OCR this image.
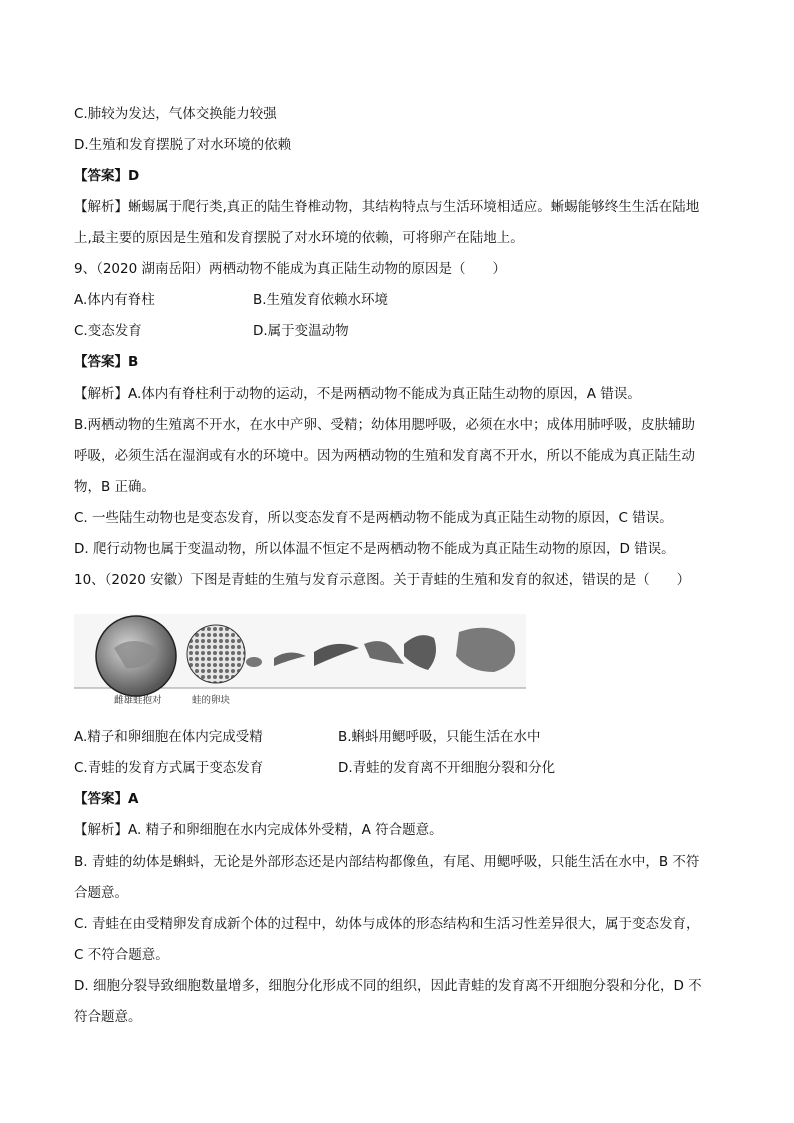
C.肺较为发达，气体交换能力较强
D.生殖和发育摆脱了对水环境的依赖
【答案】D
【解析】蜥蜴属于爬行类,真正的陆生脊椎动物，其结构特点与生活环境相适应。蜥蜴能够终生生活在陆地
上,最主要的原因是生殖和发育摆脱了对水环境的依赖，可将卵产在陆地上。
9、（2020 湖南岳阳）两栖动物不能成为真正陆生动物的原因是（　　）
A.体内有脊柱	B.生殖发育依赖水环境
C.变态发育	D.属于变温动物
【答案】B
【解析】A.体内有脊柱利于动物的运动，不是两栖动物不能成为真正陆生动物的原因，A 错误。
B.两栖动物的生殖离不开水，在水中产卵、受精；幼体用腮呼吸，必须在水中；成体用肺呼吸，皮肤辅助
呼吸，必须生活在湿润或有水的环境中。因为两栖动物的生殖和发育离不开水，所以不能成为真正陆生动
物，B 正确。
C. 一些陆生动物也是变态发育，所以变态发育不是两栖动物不能成为真正陆生动物的原因，C 错误。
D. 爬行动物也属于变温动物，所以体温不恒定不是两栖动物不能成为真正陆生动物的原因，D 错误。
10、（2020 安徽）下图是青蛙的生殖与发育示意图。关于青蛙的生殖和发育的叙述，错误的是（　　）
雌雄蛙抱对	蛙的卵块
A.精子和卵细胞在体内完成受精	B.蝌蚪用鳃呼吸，只能生活在水中
C.青蛙的发育方式属于变态发育	D.青蛙的发育离不开细胞分裂和分化
【答案】A
【解析】A. 精子和卵细胞在水内完成体外受精，A 符合题意。
B. 青蛙的幼体是蝌蚪，无论是外部形态还是内部结构都像鱼，有尾、用鳃呼吸，只能生活在水中，B 不符
合题意。
C. 青蛙在由受精卵发育成新个体的过程中，幼体与成体的形态结构和生活习性差异很大，属于变态发育，
C 不符合题意。
D. 细胞分裂导致细胞数量增多，细胞分化形成不同的组织，因此青蛙的发育离不开细胞分裂和分化，D 不
符合题意。
